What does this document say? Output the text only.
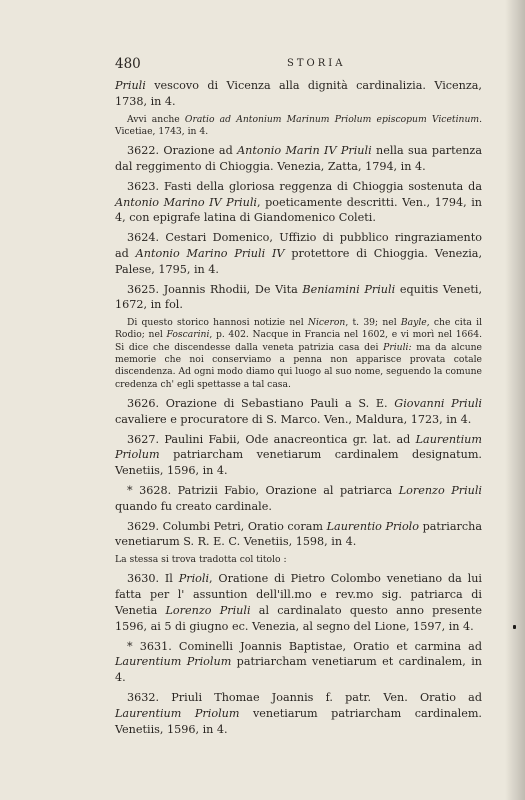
480	STORIA

Priuli vescovo di Vicenza alla dignità cardinalizia. Vicenza, 1738, in 4.

Avvi anche Oratio ad Antonium Marinum Priolum episcopum Vicetinum. Vicetiae, 1743, in 4.

3622. Orazione ad Antonio Marin IV Priuli nella sua partenza dal reggimento di Chioggia. Venezia, Zatta, 1794, in 4.

3623. Fasti della gloriosa reggenza di Chioggia sostenuta da Antonio Marino IV Priuli, poeticamente descritti. Ven., 1794, in 4, con epigrafe latina di Giandomenico Coleti.

3624. Cestari Domenico, Uffizio di pubblico ringraziamento ad Antonio Marino Priuli IV protettore di Chioggia. Venezia, Palese, 1795, in 4.

3625. Joannis Rhodii, De Vita Beniamini Priuli equitis Veneti, 1672, in fol.

Di questo storico hannosi notizie nel Niceron, t. 39; nel Bayle, che cita il Rodio; nel Foscarini, p. 402. Nacque in Francia nel 1602, e vi morì nel 1664. Si dice che discendesse dalla veneta patrizia casa dei Priuli: ma da alcune memorie che noi conserviamo a penna non apparisce provata cotale discendenza. Ad ogni modo diamo qui luogo al suo nome, seguendo la comune credenza ch' egli spettasse a tal casa.

3626. Orazione di Sebastiano Pauli a S. E. Giovanni Priuli cavaliere e procuratore di S. Marco. Ven., Maldura, 1723, in 4.

3627. Paulini Fabii, Ode anacreontica gr. lat. ad Laurentium Priolum patriarcham venetiarum cardinalem designatum. Venetiis, 1596, in 4.

* 3628. Patrizii Fabio, Orazione al patriarca Lorenzo Priuli quando fu creato cardinale.

3629. Columbi Petri, Oratio coram Laurentio Priolo patriarcha venetiarum S. R. E. C. Venetiis, 1598, in 4.

La stessa si trova tradotta col titolo :

3630. Il Prioli, Oratione di Pietro Colombo venetiano da lui fatta per l' assuntion dell'ill.mo e rev.mo sig. patriarca di Venetia Lorenzo Priuli al cardinalato questo anno presente 1596, ai 5 di giugno ec. Venezia, al segno del Lione, 1597, in 4.

* 3631. Cominelli Joannis Baptistae, Oratio et carmina ad Laurentium Priolum patriarcham venetiarum et cardinalem, in 4.

3632. Priuli Thomae Joannis f. patr. Ven. Oratio ad Laurentium Priolum venetiarum patriarcham cardinalem. Venetiis, 1596, in 4.
